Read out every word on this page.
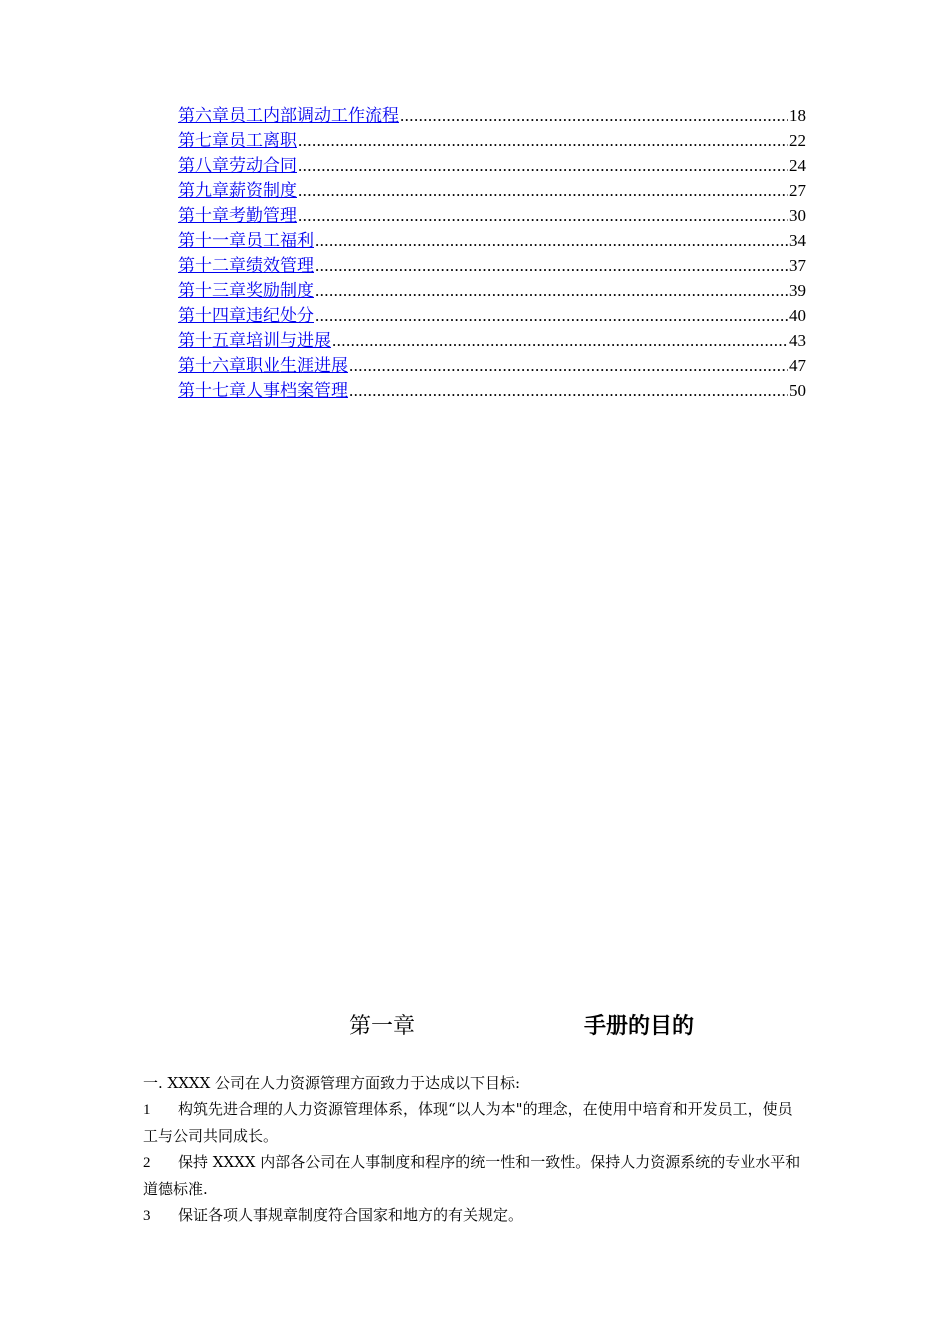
第六章员工内部调动工作流程 .....	18
第七章员工离职 .....	22
第八章劳动合同 .....	24
第九章薪资制度 .....	27
第十章考勤管理 .....	30
第十一章员工福利 .....	34
第十二章绩效管理 .....	37
第十三章奖励制度 .....	39
第十四章违纪处分 .....	40
第十五章培训与进展 .....	43
第十六章职业生涯进展 .....	47
第十七章人事档案管理 .....	50
第一章	手册的目的

一. XXXX 公司在人力资源管理方面致力于达成以下目标:

1 构筑先进合理的人力资源管理体系，体现“以人为本"的理念，在使用中培育和开发员工，使员工与公司共同成长。

2 保持 XXXX 内部各公司在人事制度和程序的统一性和一致性。保持人力资源系统的专业水平和道德标准.

3 保证各项人事规章制度符合国家和地方的有关规定。
